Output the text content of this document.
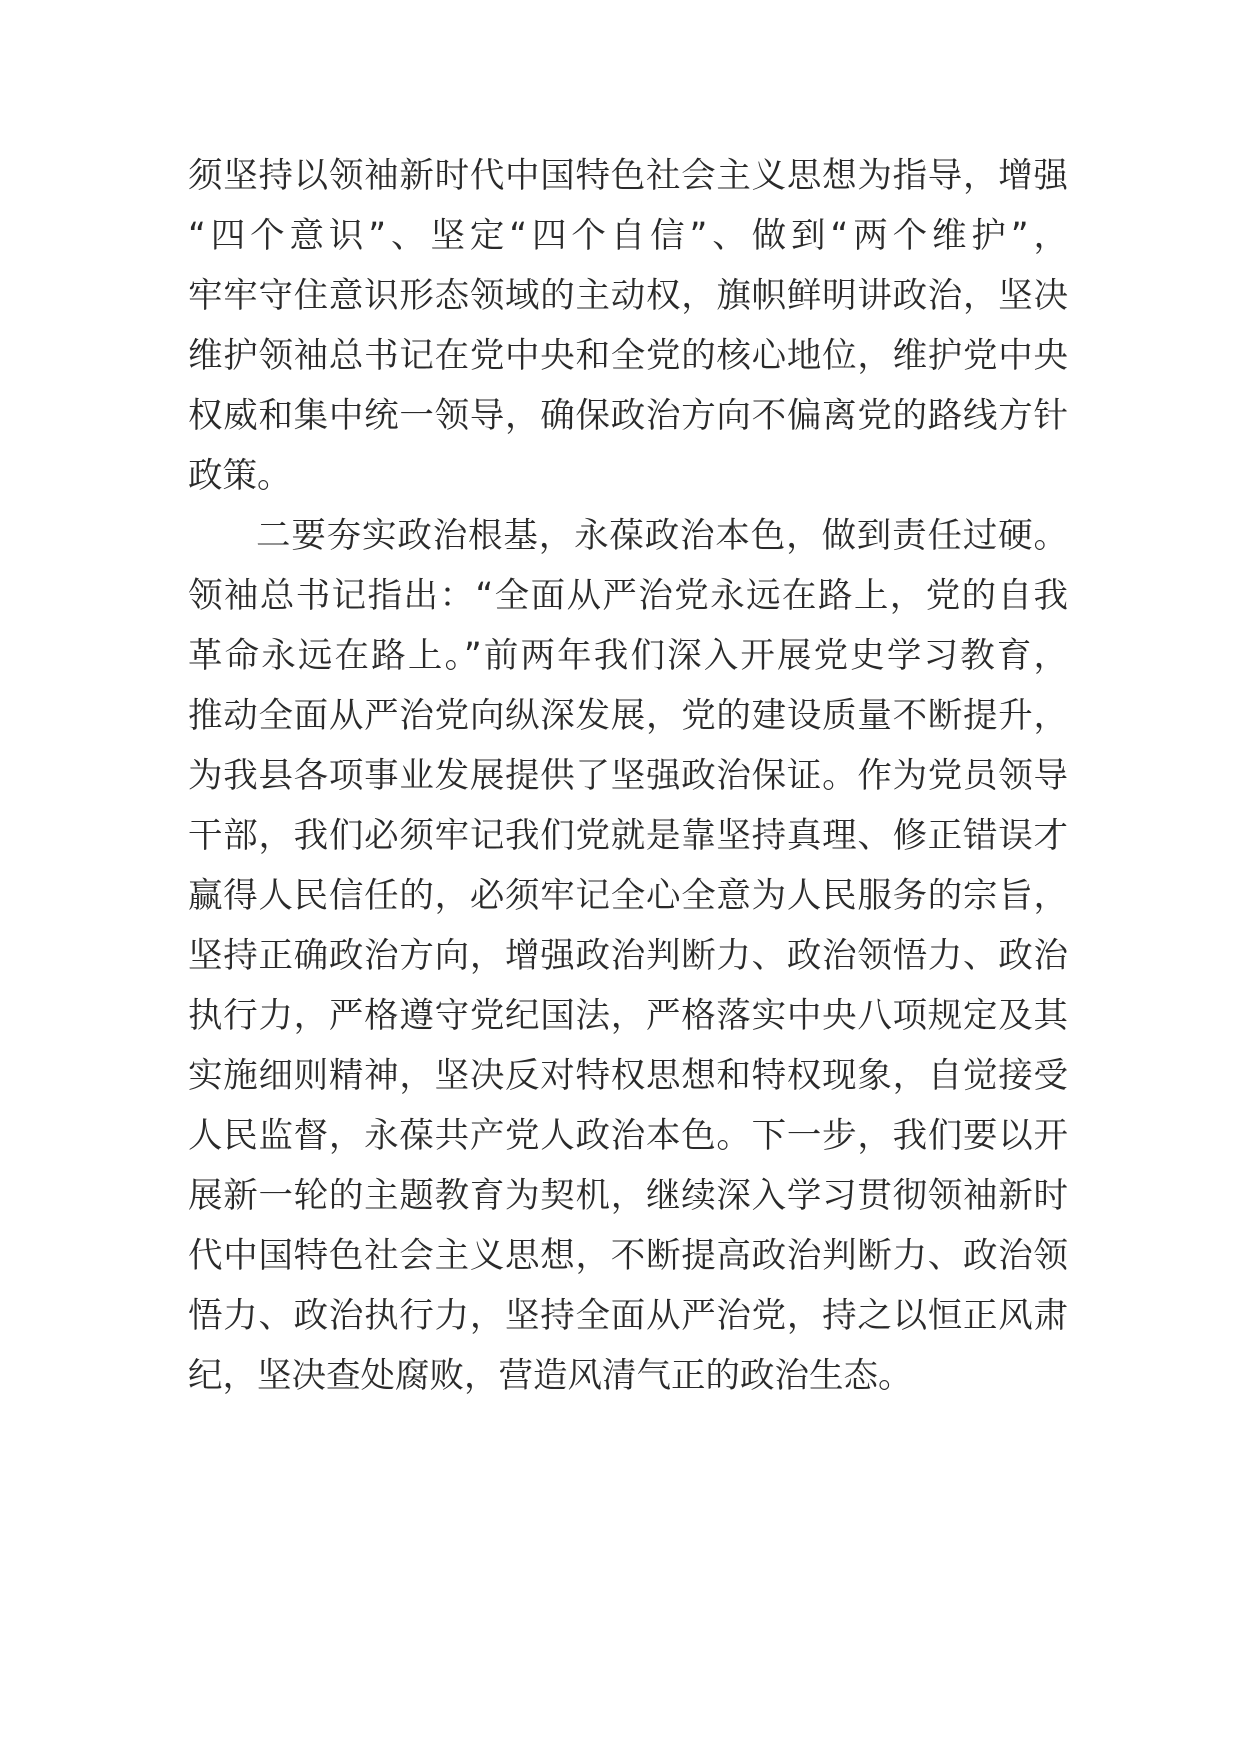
须坚持以领袖新时代中国特色社会主义思想为指导，增强
“四个意识”、坚定“四个自信”、做到“两个维护”，
牢牢守住意识形态领域的主动权，旗帜鲜明讲政治，坚决
维护领袖总书记在党中央和全党的核心地位，维护党中央
权威和集中统一领导，确保政治方向不偏离党的路线方针
政策。
二要夯实政治根基，永葆政治本色，做到责任过硬。
领袖总书记指出：“全面从严治党永远在路上，党的自我
革命永远在路上。”前两年我们深入开展党史学习教育，
推动全面从严治党向纵深发展，党的建设质量不断提升，
为我县各项事业发展提供了坚强政治保证。作为党员领导
干部，我们必须牢记我们党就是靠坚持真理、修正错误才
赢得人民信任的，必须牢记全心全意为人民服务的宗旨，
坚持正确政治方向，增强政治判断力、政治领悟力、政治
执行力，严格遵守党纪国法，严格落实中央八项规定及其
实施细则精神，坚决反对特权思想和特权现象，自觉接受
人民监督，永葆共产党人政治本色。下一步，我们要以开
展新一轮的主题教育为契机，继续深入学习贯彻领袖新时
代中国特色社会主义思想，不断提高政治判断力、政治领
悟力、政治执行力，坚持全面从严治党，持之以恒正风肃
纪，坚决查处腐败，营造风清气正的政治生态。
